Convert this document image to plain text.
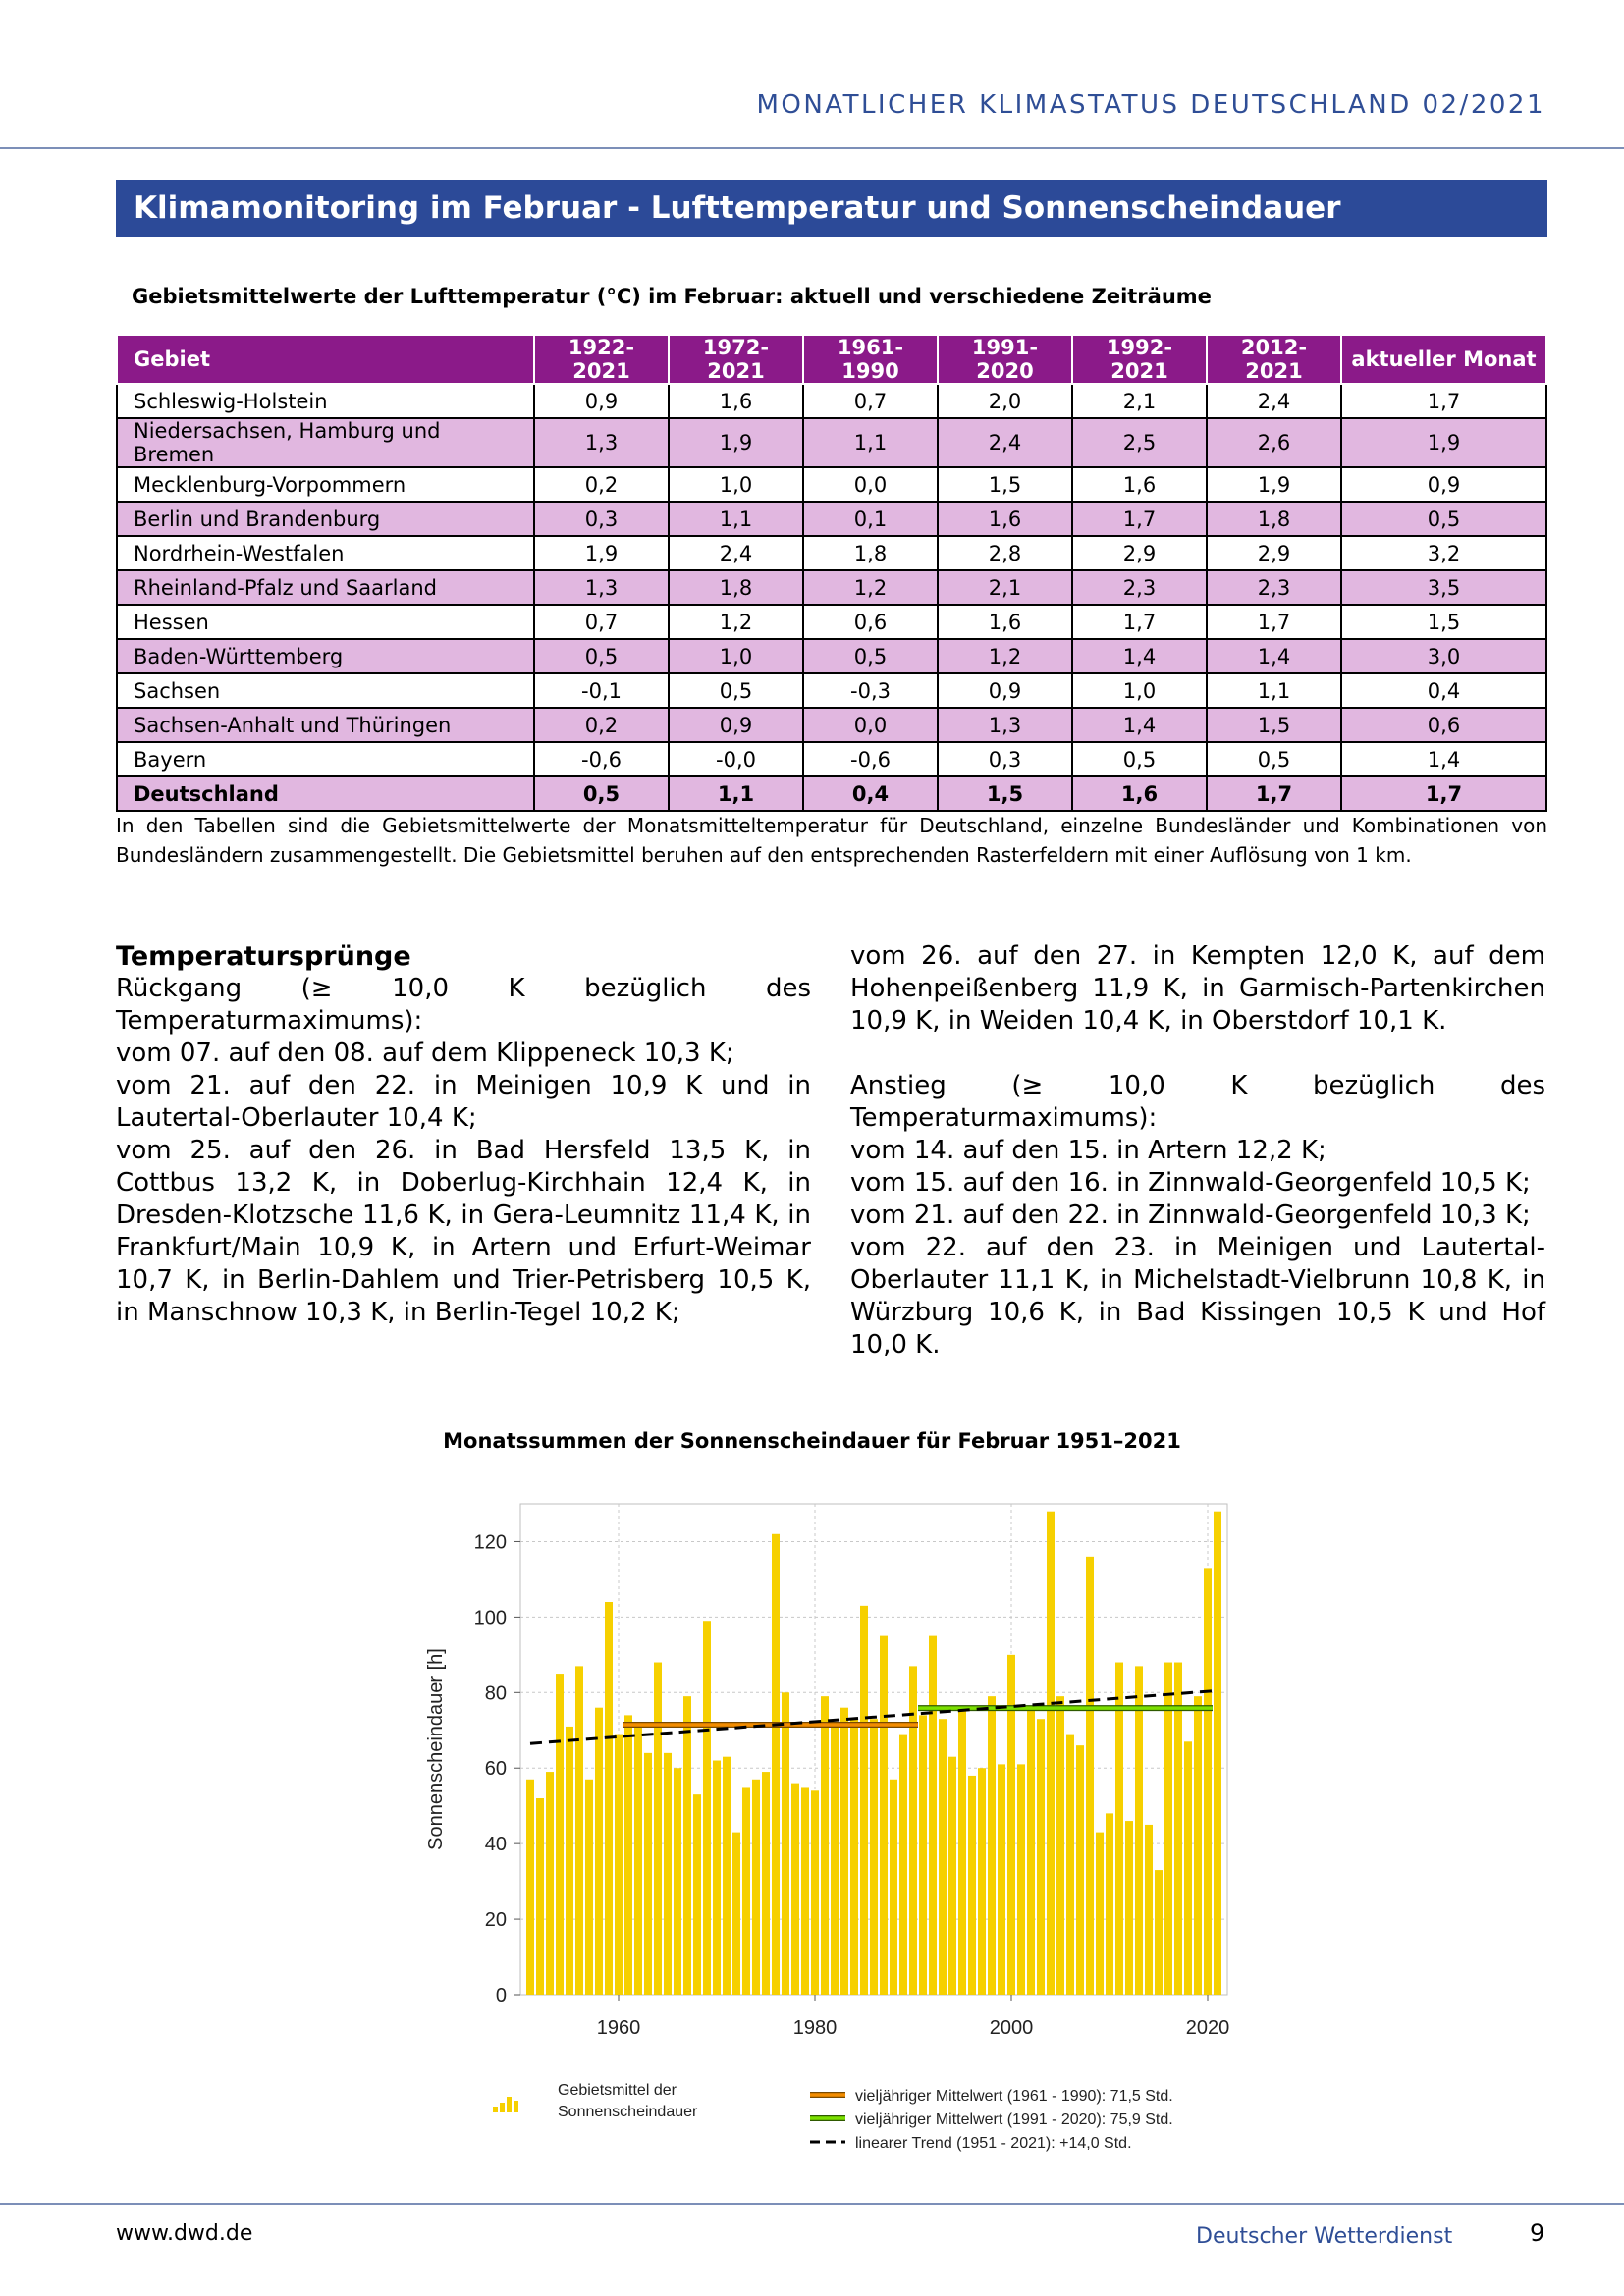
MONATLICHER KLIMASTATUS DEUTSCHLAND 02/2021
Klimamonitoring im Februar - Lufttemperatur und Sonnenscheindauer
Gebietsmittelwerte der Lufttemperatur (°C) im Februar: aktuell und verschiedene Zeiträume
Gebiet	1922-2021	1972-2021	1961-1990	1991-2020	1992-2021	2012-2021	aktueller Monat
Schleswig-Holstein	0,9	1,6	0,7	2,0	2,1	2,4	1,7
Niedersachsen, Hamburg und Bremen	1,3	1,9	1,1	2,4	2,5	2,6	1,9
Mecklenburg-Vorpommern	0,2	1,0	0,0	1,5	1,6	1,9	0,9
Berlin und Brandenburg	0,3	1,1	0,1	1,6	1,7	1,8	0,5
Nordrhein-Westfalen	1,9	2,4	1,8	2,8	2,9	2,9	3,2
Rheinland-Pfalz und Saarland	1,3	1,8	1,2	2,1	2,3	2,3	3,5
Hessen	0,7	1,2	0,6	1,6	1,7	1,7	1,5
Baden-Württemberg	0,5	1,0	0,5	1,2	1,4	1,4	3,0
Sachsen	-0,1	0,5	-0,3	0,9	1,0	1,1	0,4
Sachsen-Anhalt und Thüringen	0,2	0,9	0,0	1,3	1,4	1,5	0,6
Bayern	-0,6	-0,0	-0,6	0,3	0,5	0,5	1,4
Deutschland	0,5	1,1	0,4	1,5	1,6	1,7	1,7
In den Tabellen sind die Gebietsmittelwerte der Monatsmitteltemperatur für Deutschland, einzelne Bundesländer und Kombinationen von Bundesländern zusammengestellt. Die Gebietsmittel beruhen auf den entsprechenden Rasterfeldern mit einer Auflösung von 1 km.

Temperatursprünge

Rückgang (≥ 10,0 K bezüglich des Temperaturmaximums):

vom 07. auf den 08. auf dem Klippeneck 10,3 K;

vom 21. auf den 22. in Meinigen 10,9 K und in Lautertal-Oberlauter 10,4 K;

vom 25. auf den 26. in Bad Hersfeld 13,5 K, in Cottbus 13,2 K, in Doberlug-Kirchhain 12,4 K, in Dresden-Klotzsche 11,6 K, in Gera-Leumnitz 11,4 K, in Frankfurt/Main 10,9 K, in Artern und Erfurt-Weimar 10,7 K, in Berlin-Dahlem und Trier-Petrisberg 10,5 K, in Manschnow 10,3 K, in Berlin-Tegel 10,2 K;

vom 26. auf den 27. in Kempten 12,0 K, auf dem Hohenpeißenberg 11,9 K, in Garmisch-Partenkirchen 10,9 K, in Weiden 10,4 K, in Oberstdorf 10,1 K.

Anstieg (≥ 10,0 K bezüglich des Temperaturmaximums):

vom 14. auf den 15. in Artern 12,2 K;

vom 15. auf den 16. in Zinnwald-Georgenfeld 10,5 K;

vom 21. auf den 22. in Zinnwald-Georgenfeld 10,3 K;

vom 22. auf den 23. in Meinigen und Lautertal-Oberlauter 11,1 K, in Michelstadt-Vielbrunn 10,8 K, in Würzburg 10,6 K, in Bad Kissingen 10,5 K und Hof 10,0 K.

Monatssummen der Sonnenscheindauer für Februar 1951–2021
0
20
40
60
80
100
120
1960	1980	2000	2020
Sonnenscheindauer [h]
Gebietsmittel der
Sonnenscheindauer
vieljähriger Mittelwert (1961 - 1990): 71,5 Std.
vieljähriger Mittelwert (1991 - 2020): 75,9 Std.
linearer Trend (1951 - 2021): +14,0 Std.
www.dwd.de	Deutscher Wetterdienst	9
